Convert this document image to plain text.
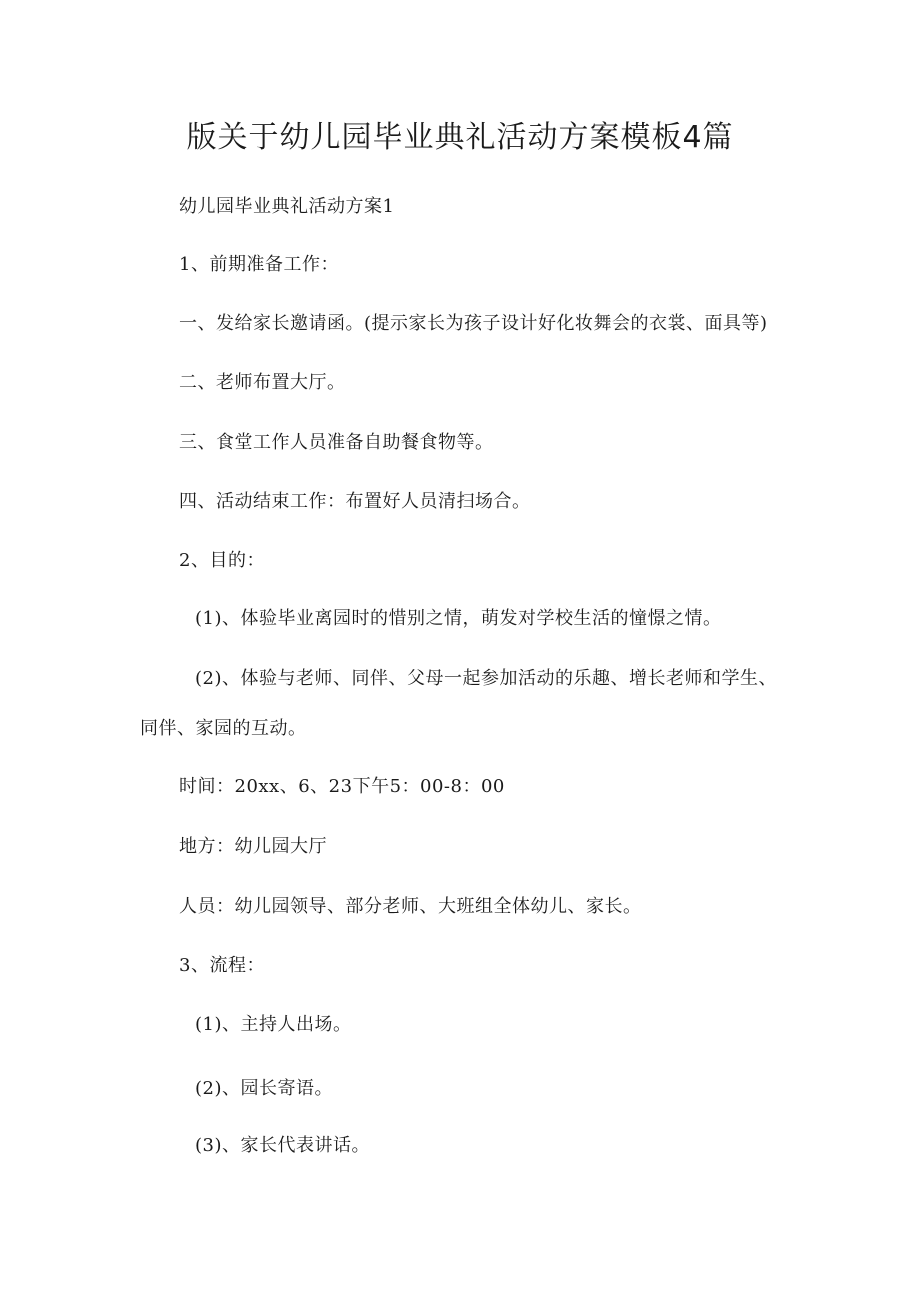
版关于幼儿园毕业典礼活动方案模板4篇
幼儿园毕业典礼活动方案1
1、前期准备工作：
一、发给家长邀请函。(提示家长为孩子设计好化妆舞会的衣裳、面具等)
二、老师布置大厅。
三、食堂工作人员准备自助餐食物等。
四、活动结束工作：布置好人员清扫场合。
2、目的：
(1)、体验毕业离园时的惜别之情，萌发对学校生活的憧憬之情。
(2)、体验与老师、同伴、父母一起参加活动的乐趣、增长老师和学生、
同伴、家园的互动。
时间：20xx、6、23下午5：00-8：00
地方：幼儿园大厅
人员：幼儿园领导、部分老师、大班组全体幼儿、家长。
3、流程：
(1)、主持人出场。
(2)、园长寄语。
(3)、家长代表讲话。
